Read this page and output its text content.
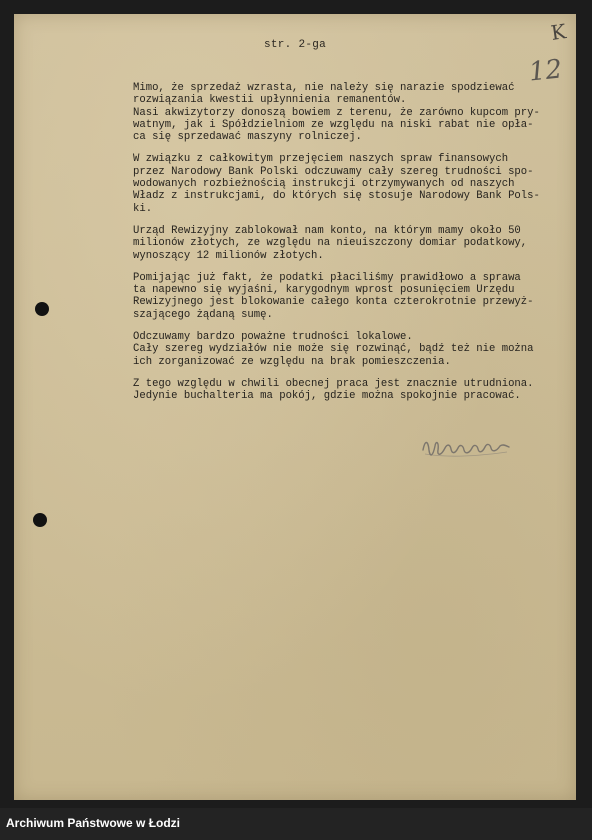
str. 2-ga
K
12

Mimo, że sprzedaż wzrasta, nie należy się narazie spodziewać
rozwiązania kwestii upłynnienia remanentów.
Nasi akwizytorzy donoszą bowiem z terenu, że zarówno kupcom pry-
watnym, jak i Spółdzielniom ze względu na niski rabat nie opła-
ca się sprzedawać maszyny rolniczej.

W związku z całkowitym przejęciem naszych spraw finansowych
przez Narodowy Bank Polski odczuwamy cały szereg trudności spo-
wodowanych rozbieżnością instrukcji otrzymywanych od naszych
Władz z instrukcjami, do których się stosuje Narodowy Bank Pols-
ki.

Urząd Rewizyjny zablokował nam konto, na którym mamy około 50
milionów złotych, ze względu na nieuiszczony domiar podatkowy,
wynoszący 12 milionów złotych.

Pomijając już fakt, że podatki płaciliśmy prawidłowo a sprawa
ta napewno się wyjaśni, karygodnym wprost posunięciem Urzędu
Rewizyjnego jest blokowanie całego konta czterokrotnie przewyż-
szającego żądaną sumę.

Odczuwamy bardzo poważne trudności lokalowe.
Cały szereg wydziałów nie może się rozwinąć, bądź też nie można
ich zorganizować ze względu na brak pomieszczenia.

Z tego względu w chwili obecnej praca jest znacznie utrudniona.
Jedynie buchalteria ma pokój, gdzie można spokojnie pracować.

Archiwum Państwowe w Łodzi
